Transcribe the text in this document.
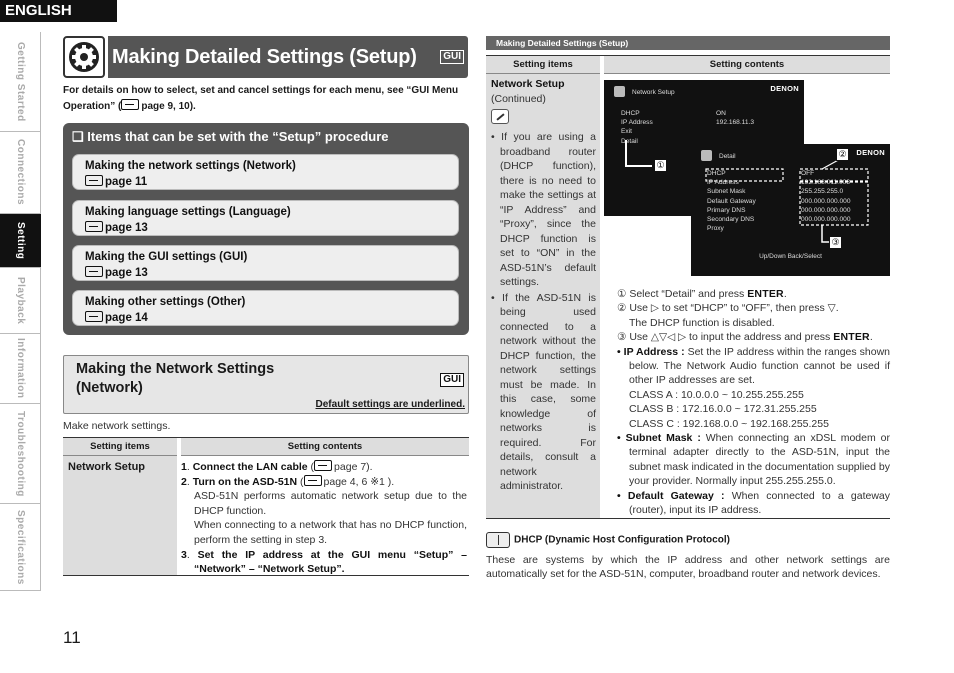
ENGLISH
Getting Started
Connections
Setting
Playback
Information
Troubleshooting
Specifications
Making Detailed Settings (Setup)	GUI
For details on how to select, set and cancel settings for each menu, see “GUI Menu Operation” ( page 9, 10).
❑ Items that can be set with the “Setup” procedure
Making the network settings (Network)
page 11
Making language settings (Language)
page 13
Making the GUI settings (GUI)
page 13
Making other settings (Other)
page 14
Making the Network Settings
(Network)
GUI
Default settings are underlined.
Make network settings.
Setting items	Setting contents
Network Setup	1. Connect the LAN cable ( page 7).
2. Turn on the ASD-51N ( page 4, 6 ※1 ).
ASD-51N performs automatic network setup due to the DHCP function.
When connecting to a network that has no DHCP function, perform the setting in step 3.
3. Set the IP address at the GUI menu “Setup” – “Network” – “Network Setup”.
11
Making Detailed Settings (Setup)
Setting items	Setting contents
Network Setup
(Continued)
• If you are using a broadband router (DHCP function), there is no need to make the settings at “IP Address” and “Proxy”, since the DHCP function is set to “ON” in the ASD-51N’s default settings.
• If the ASD-51N is being used connected to a network without the DHCP function, the network settings must be made. In this case, some knowledge of networks is required. For details, consult a network administrator.
Network Setup	DENON
DHCP	ON
IP Address	192.168.11.3
Exit
Detail
①
Detail	DENON
DHCP	OFF
IP Address	192.168.011.003
Subnet Mask	255.255.255.0
Default Gateway	000.000.000.000
Primary DNS	000.000.000.000
Secondary DNS	000.000.000.000
Proxy
Up/Down Back/Select
②
③
① Select “Detail” and press ENTER.
② Use ▷ to set “DHCP” to “OFF”, then press ▽.
The DHCP function is disabled.
③ Use △▽◁ ▷ to input the address and press ENTER.
• IP Address : Set the IP address within the ranges shown below. The Network Audio function cannot be used if other IP addresses are set.
CLASS A : 10.0.0.0 ~ 10.255.255.255
CLASS B : 172.16.0.0 ~ 172.31.255.255
CLASS C : 192.168.0.0 ~ 192.168.255.255
• Subnet Mask : When connecting an xDSL modem or terminal adapter directly to the ASD-51N, input the subnet mask indicated in the documentation supplied by your provider. Normally input 255.255.255.0.
• Default Gateway : When connected to a gateway (router), input its IP address.
DHCP (Dynamic Host Configuration Protocol)
These are systems by which the IP address and other network settings are automatically set for the ASD-51N, computer, broadband router and network devices.
